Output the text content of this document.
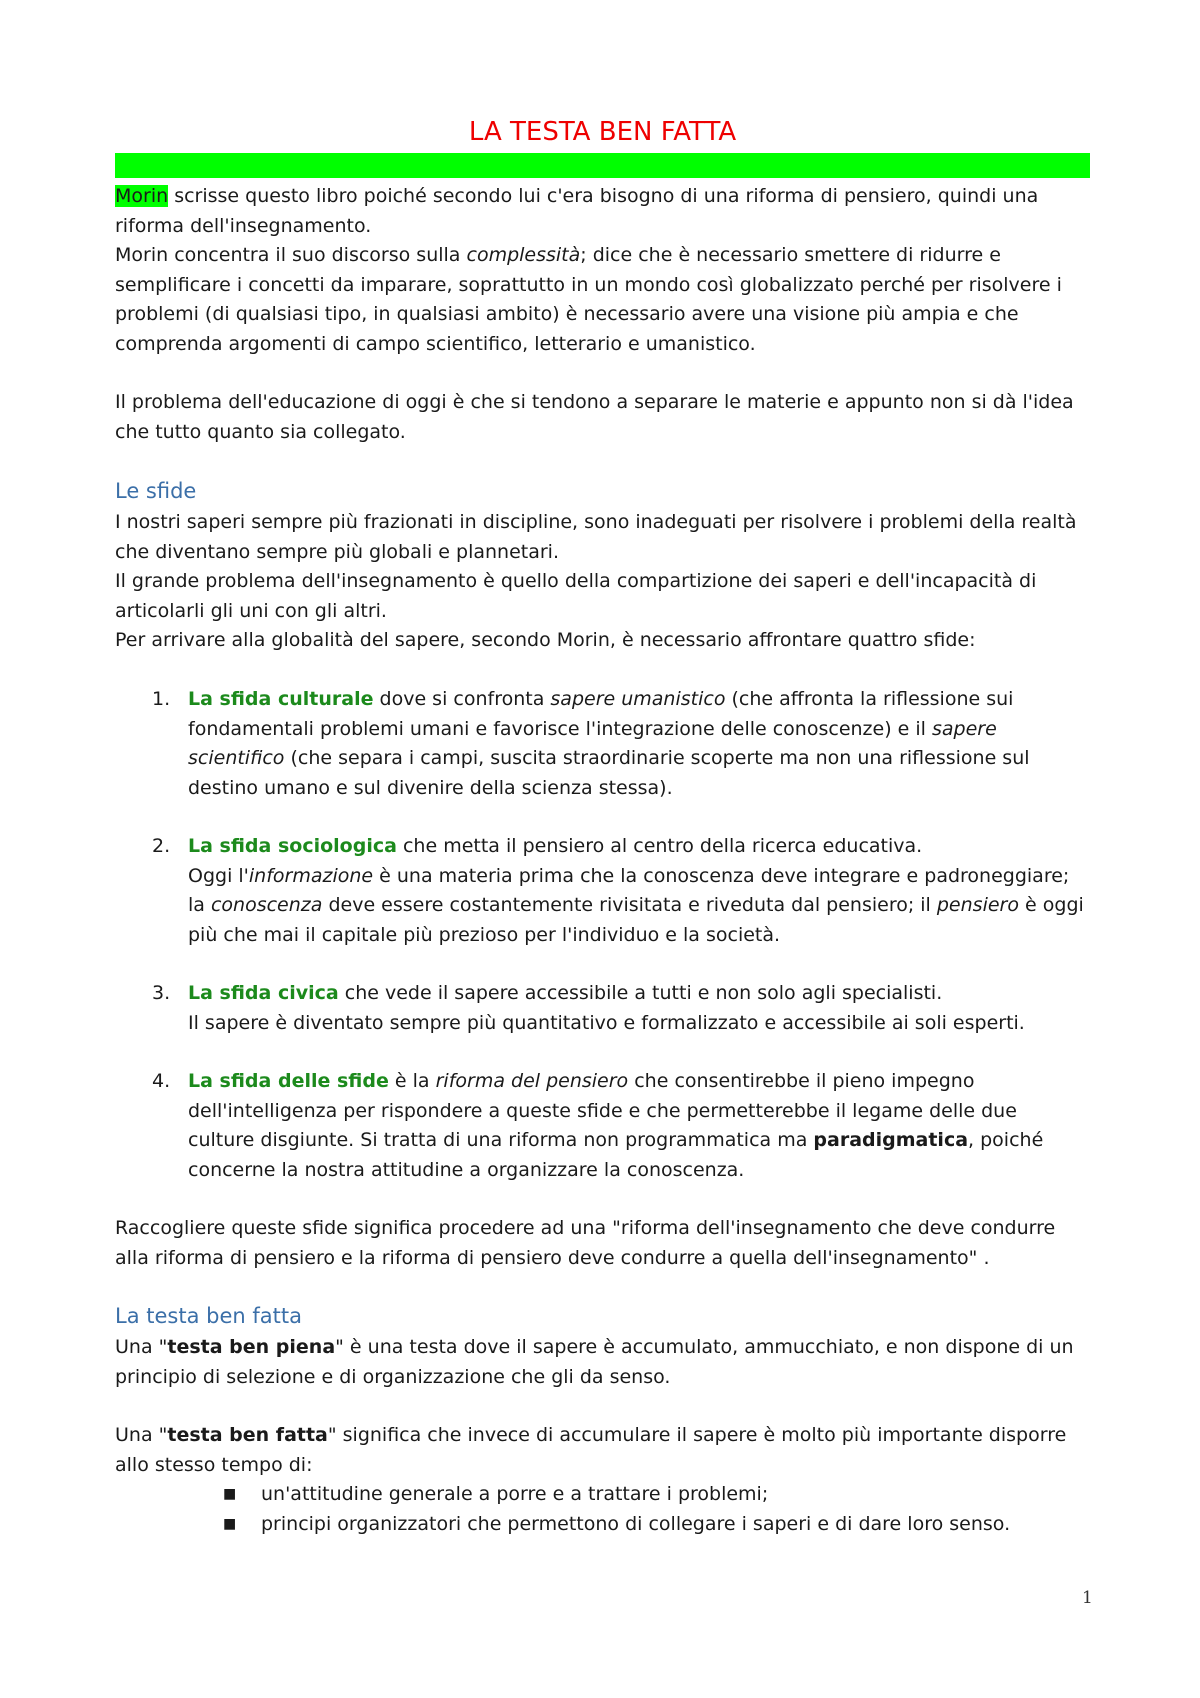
LA TESTA BEN FATTA

Morin scrisse questo libro poiché secondo lui c'era bisogno di una riforma di pensiero, quindi una riforma dell'insegnamento.

Morin concentra il suo discorso sulla complessità; dice che è necessario smettere di ridurre e semplificare i concetti da imparare, soprattutto in un mondo così globalizzato perché per risolvere i problemi (di qualsiasi tipo, in qualsiasi ambito) è necessario avere una visione più ampia e che comprenda argomenti di campo scientifico, letterario e umanistico.

Il problema dell'educazione di oggi è che si tendono a separare le materie e appunto non si dà l'idea che tutto quanto sia collegato.

Le sfide

I nostri saperi sempre più frazionati in discipline, sono inadeguati per risolvere i problemi della realtà che diventano sempre più globali e plannetari.

Il grande problema dell'insegnamento è quello della compartizione dei saperi e dell'incapacità di articolarli gli uni con gli altri.

Per arrivare alla globalità del sapere, secondo Morin, è necessario affrontare quattro sfide:

1. La sfida culturale dove si confronta sapere umanistico (che affronta la riflessione sui fondamentali problemi umani e favorisce l'integrazione delle conoscenze) e il sapere scientifico (che separa i campi, suscita straordinarie scoperte ma non una riflessione sul destino umano e sul divenire della scienza stessa).
2. La sfida sociologica che metta il pensiero al centro della ricerca educativa.
Oggi l'informazione è una materia prima che la conoscenza deve integrare e padroneggiare; la conoscenza deve essere costantemente rivisitata e riveduta dal pensiero; il pensiero è oggi più che mai il capitale più prezioso per l'individuo e la società.
3. La sfida civica che vede il sapere accessibile a tutti e non solo agli specialisti.
Il sapere è diventato sempre più quantitativo e formalizzato e accessibile ai soli esperti.
4. La sfida delle sfide è la riforma del pensiero che consentirebbe il pieno impegno dell'intelligenza per rispondere a queste sfide e che permetterebbe il legame delle due culture disgiunte. Si tratta di una riforma non programmatica ma paradigmatica, poiché concerne la nostra attitudine a organizzare la conoscenza.

Raccogliere queste sfide significa procedere ad una "riforma dell'insegnamento che deve condurre alla riforma di pensiero e la riforma di pensiero deve condurre a quella dell'insegnamento" .

La testa ben fatta

Una "testa ben piena" è una testa dove il sapere è accumulato, ammucchiato, e non dispone di un principio di selezione e di organizzazione che gli da senso.

Una "testa ben fatta" significa che invece di accumulare il sapere è molto più importante disporre allo stesso tempo di:

■	un'attitudine generale a porre e a trattare i problemi;
■	principi organizzatori che permettono di collegare i saperi e di dare loro senso.
1
